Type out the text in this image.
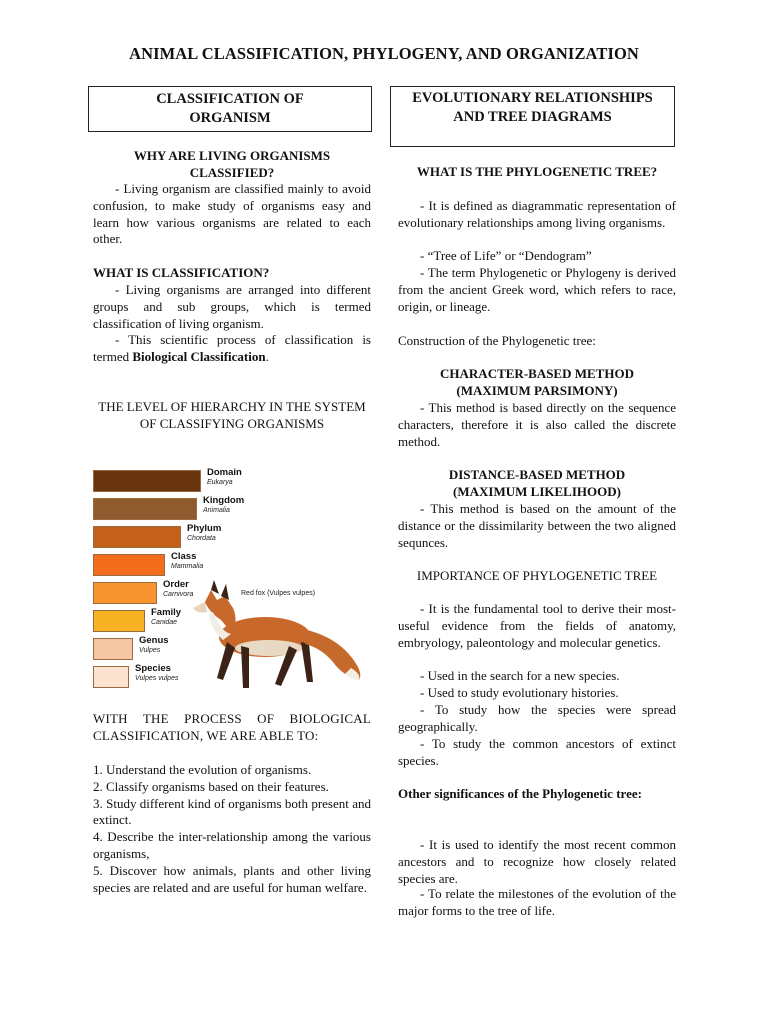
ANIMAL CLASSIFICATION, PHYLOGENY, AND ORGANIZATION
CLASSIFICATION OF ORGANISM

WHY ARE LIVING ORGANISMS CLASSIFIED?

- Living organism are classified mainly to avoid confusion, to make study of organisms easy and learn how various organisms are related to each other.

WHAT IS CLASSIFICATION?

- Living organisms are arranged into different groups and sub groups, which is termed classification of living organism.

- This scientific process of classification is termed Biological Classification.

THE LEVEL OF HIERARCHY IN THE SYSTEM OF CLASSIFYING ORGANISMS

Domain
Eukarya
Kingdom
Animalia
Phylum
Chordata
Class
Mammalia
Order
Carnivora
Family
Canidae
Genus
Vulpes
Species
Vulpes vulpes
Red fox (Vulpes vulpes)

WITH THE PROCESS OF BIOLOGICAL CLASSIFICATION, WE ARE ABLE TO:

1. Understand the evolution of organisms.
2. Classify organisms based on their features.
3. Study different kind of organisms both present and extinct.
4. Describe the inter-relationship among the various organisms,
5. Discover how animals, plants and other living species are related and are useful for human welfare.
EVOLUTIONARY RELATIONSHIPS AND TREE DIAGRAMS

WHAT IS THE PHYLOGENETIC TREE?

- It is defined as diagrammatic representation of evolutionary relationships among living organisms.

- “Tree of Life” or “Dendogram”

- The term Phylogenetic or Phylogeny is derived from the ancient Greek word, which refers to race, origin, or lineage.

Construction of the Phylogenetic tree:

CHARACTER-BASED METHOD (MAXIMUM PARSIMONY)

- This method is based directly on the sequence characters, therefore it is also called the discrete method.

DISTANCE-BASED METHOD (MAXIMUM LIKELIHOOD)

- This method is based on the amount of the distance or the dissimilarity between the two aligned sequnces.

IMPORTANCE OF PHYLOGENETIC TREE

- It is the fundamental tool to derive their most-useful evidence from the fields of anatomy, embryology, paleontology and molecular genetics.

- Used in the search for a new species.

- Used to study evolutionary histories.

- To study how the species were spread geographically.

- To study the common ancestors of extinct species.

Other significances of the Phylogenetic tree:

- It is used to identify the most recent common ancestors and to recognize how closely related species are.

- To relate the milestones of the evolution of the major forms to the tree of life.
